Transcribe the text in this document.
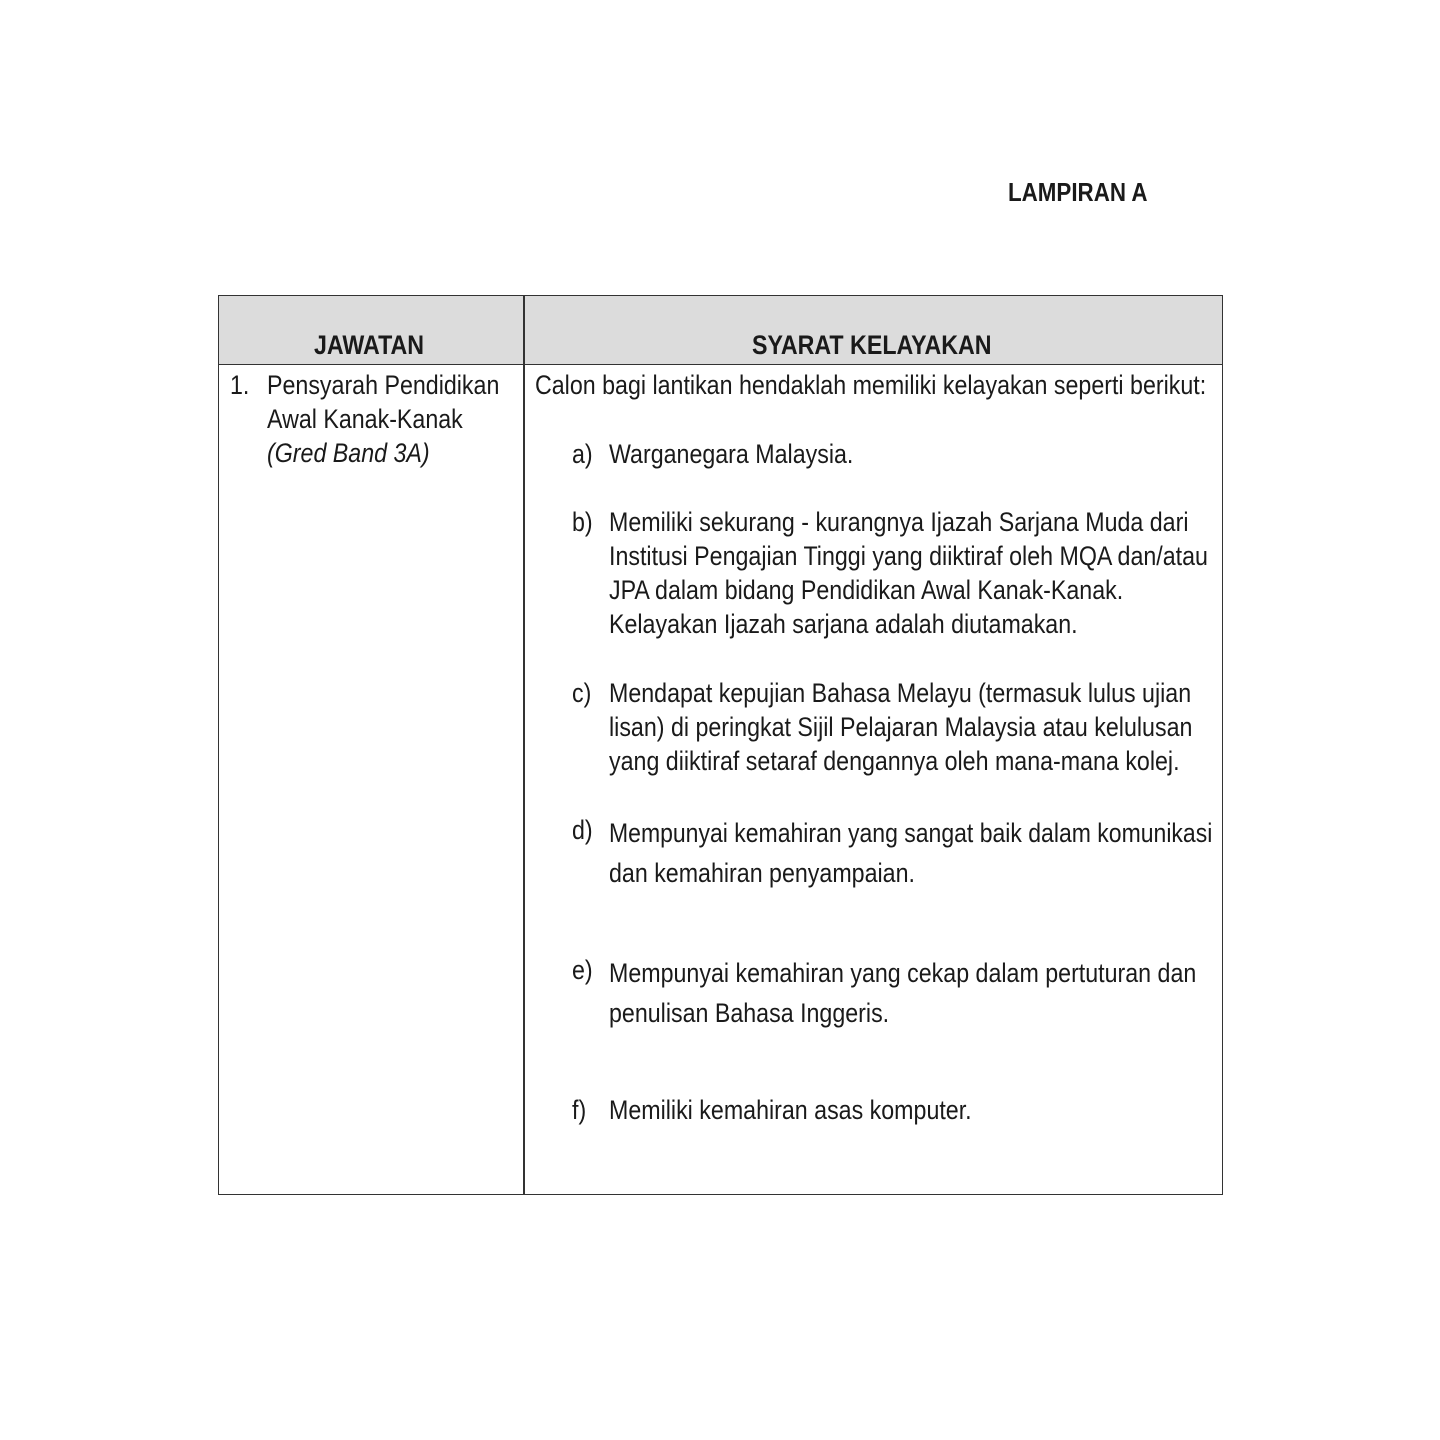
LAMPIRAN A
JAWATAN	SYARAT KELAYAKAN
1. Pensyarah Pendidikan
Awal Kanak-Kanak
(Gred Band 3A)
Calon bagi lantikan hendaklah memiliki kelayakan seperti berikut:
a) Warganegara Malaysia.
b) Memiliki sekurang - kurangnya Ijazah Sarjana Muda dari
Institusi Pengajian Tinggi yang diiktiraf oleh MQA dan/atau
JPA dalam bidang Pendidikan Awal Kanak-Kanak.
Kelayakan Ijazah sarjana adalah diutamakan.
c) Mendapat kepujian Bahasa Melayu (termasuk lulus ujian
lisan) di peringkat Sijil Pelajaran Malaysia atau kelulusan
yang diiktiraf setaraf dengannya oleh mana-mana kolej.
d) Mempunyai kemahiran yang sangat baik dalam komunikasi
dan kemahiran penyampaian.
e) Mempunyai kemahiran yang cekap dalam pertuturan dan
penulisan Bahasa Inggeris.
f) Memiliki kemahiran asas komputer.
